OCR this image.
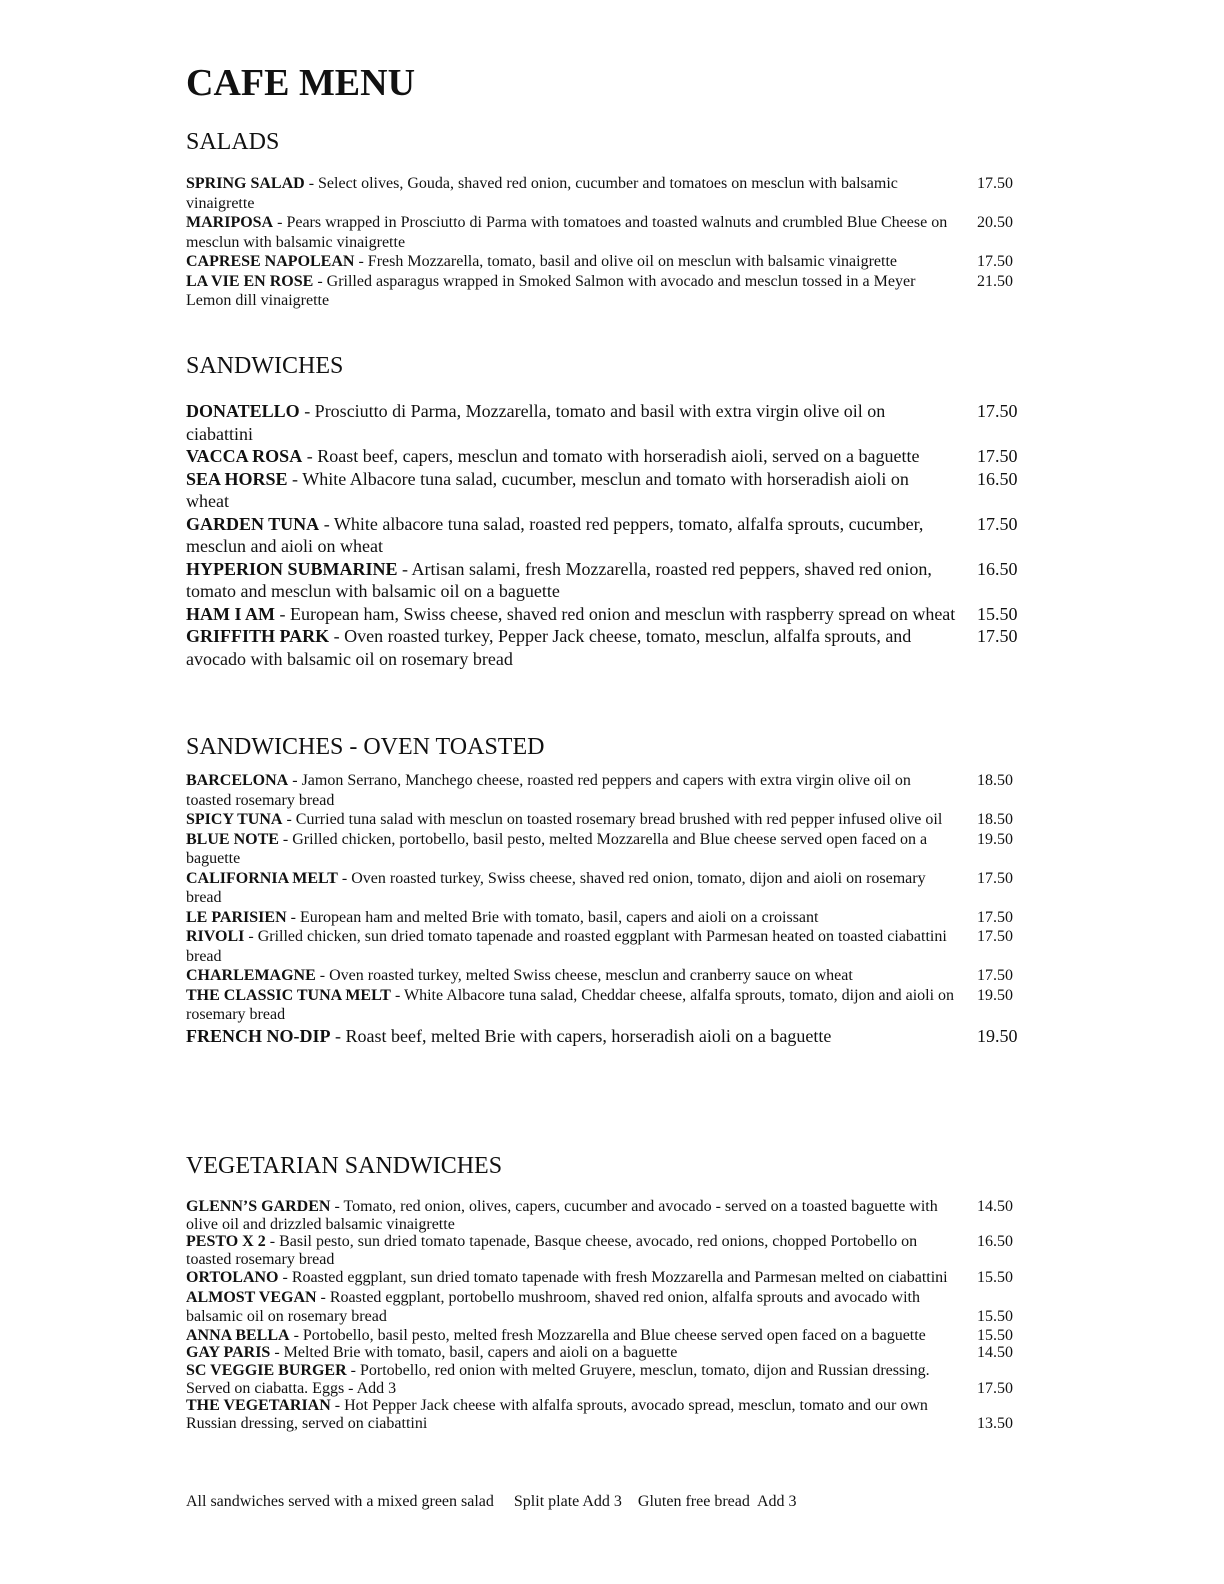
CAFE MENU
SALADS
SPRING SALAD - Select olives, Gouda, shaved red onion, cucumber and tomatoes on mesclun with balsamic vinaigrette
17.50
MARIPOSA - Pears wrapped in Prosciutto di Parma with tomatoes and toasted walnuts and crumbled Blue Cheese on mesclun with balsamic vinaigrette
20.50
CAPRESE NAPOLEAN - Fresh Mozzarella, tomato, basil and olive oil on mesclun with balsamic vinaigrette	17.50
LA VIE EN ROSE - Grilled asparagus wrapped in Smoked Salmon with avocado and mesclun tossed in a Meyer Lemon dill vinaigrette
21.50
SANDWICHES
DONATELLO - Prosciutto di Parma, Mozzarella, tomato and basil with extra virgin olive oil on ciabattini
17.50
VACCA ROSA - Roast beef, capers, mesclun and tomato with horseradish aioli, served on a baguette	17.50
SEA HORSE - White Albacore tuna salad, cucumber, mesclun and tomato with horseradish aioli on wheat
16.50
GARDEN TUNA - White albacore tuna salad, roasted red peppers, tomato, alfalfa sprouts, cucumber, mesclun and aioli on wheat
17.50
HYPERION SUBMARINE - Artisan salami, fresh Mozzarella, roasted red peppers, shaved red onion, tomato and mesclun with balsamic oil on a baguette
16.50
HAM I AM - European ham, Swiss cheese, shaved red onion and mesclun with raspberry spread on wheat 15.50
GRIFFITH PARK - Oven roasted turkey, Pepper Jack cheese, tomato, mesclun, alfalfa sprouts, and avocado with balsamic oil on rosemary bread
17.50
SANDWICHES - OVEN TOASTED
BARCELONA - Jamon Serrano, Manchego cheese, roasted red peppers and capers with extra virgin olive oil on toasted rosemary bread
18.50
SPICY TUNA - Curried tuna salad with mesclun on toasted rosemary bread brushed with red pepper infused olive oil	18.50
BLUE NOTE - Grilled chicken, portobello, basil pesto, melted Mozzarella and Blue cheese served open faced on a baguette
19.50
CALIFORNIA MELT - Oven roasted turkey, Swiss cheese, shaved red onion, tomato, dijon and aioli on rosemary bread
17.50
LE PARISIEN - European ham and melted Brie with tomato, basil, capers and aioli on a croissant	17.50
RIVOLI - Grilled chicken, sun dried tomato tapenade and roasted eggplant with Parmesan heated on toasted ciabattini bread
17.50
CHARLEMAGNE - Oven roasted turkey, melted Swiss cheese, mesclun and cranberry sauce on wheat	17.50
THE CLASSIC TUNA MELT - White Albacore tuna salad, Cheddar cheese, alfalfa sprouts, tomato, dijon and aioli on rosemary bread
19.50
FRENCH NO-DIP - Roast beef, melted Brie with capers, horseradish aioli on a baguette	19.50
VEGETARIAN SANDWICHES
GLENN’S GARDEN - Tomato, red onion, olives, capers, cucumber and avocado - served on a toasted baguette with olive oil and drizzled balsamic vinaigrette
14.50
PESTO X 2 - Basil pesto, sun dried tomato tapenade, Basque cheese, avocado, red onions, chopped Portobello on toasted rosemary bread
16.50
ORTOLANO - Roasted eggplant, sun dried tomato tapenade with fresh Mozzarella and Parmesan melted on ciabattini	15.50
ALMOST VEGAN - Roasted eggplant, portobello mushroom, shaved red onion, alfalfa sprouts and avocado with balsamic oil on rosemary bread	15.50
ANNA BELLA - Portobello, basil pesto, melted fresh Mozzarella and Blue cheese served open faced on a baguette	15.50
GAY PARIS - Melted Brie with tomato, basil, capers and aioli on a baguette	14.50
SC VEGGIE BURGER - Portobello, red onion with melted Gruyere, mesclun, tomato, dijon and Russian dressing. Served on ciabatta. Eggs - Add 3	17.50
THE VEGETARIAN - Hot Pepper Jack cheese with alfalfa sprouts, avocado spread, mesclun, tomato and our own Russian dressing, served on ciabattini	13.50

All sandwiches served with a mixed green salad     Split plate Add 3    Gluten free bread  Add 3
